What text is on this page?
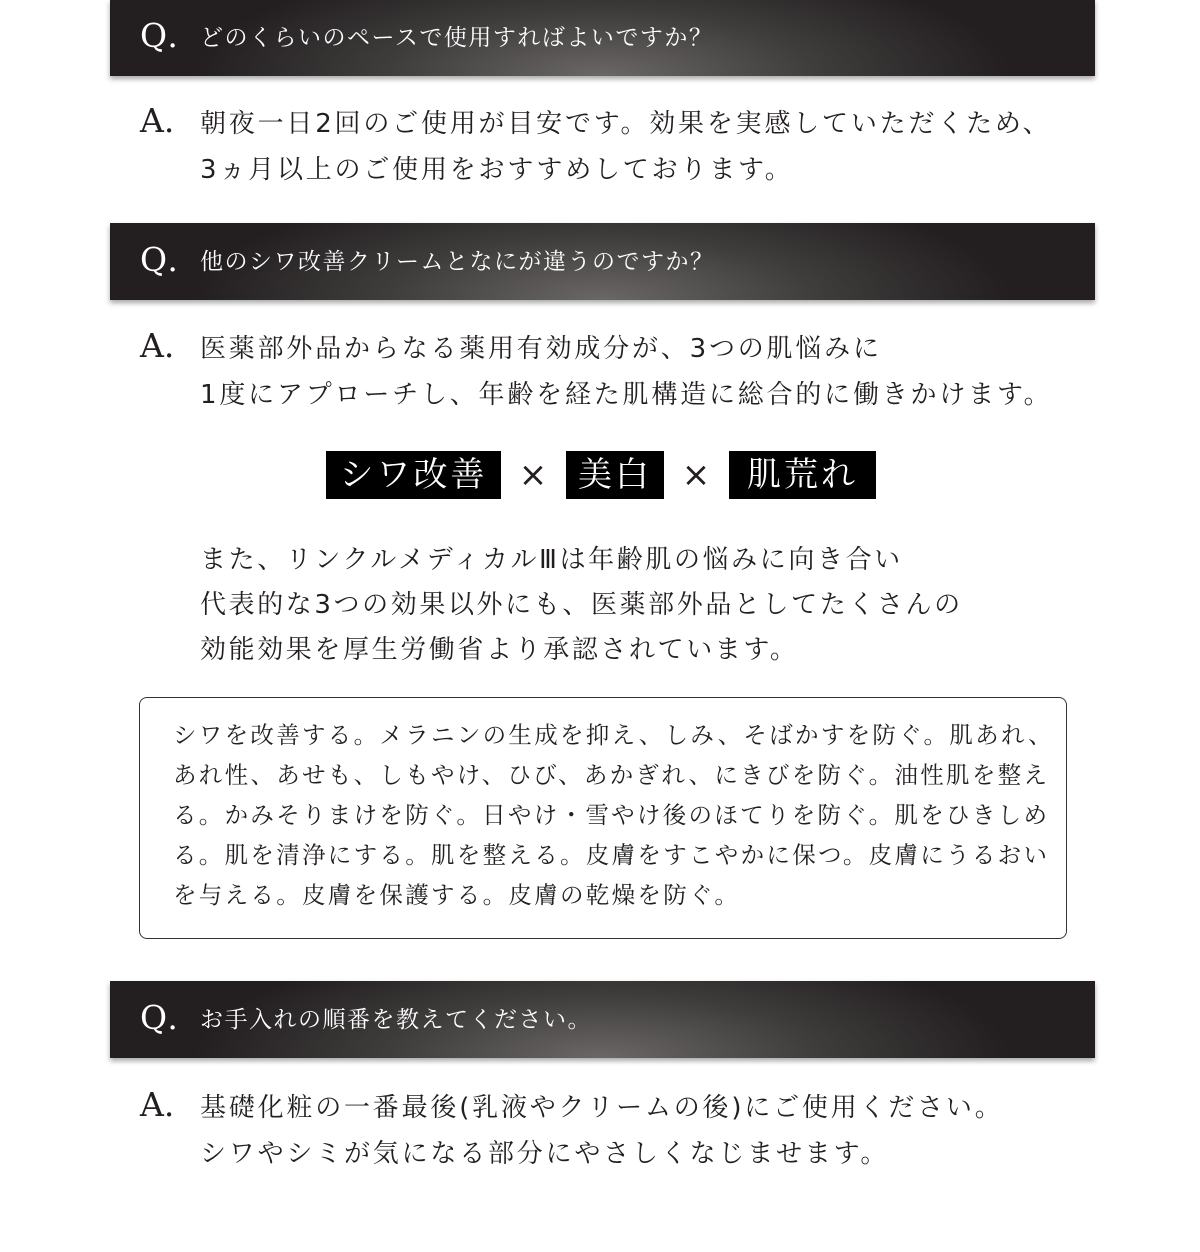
Q. どのくらいのペースで使用すればよいですか？
A. 朝夜一日2回のご使用が目安です。効果を実感していただくため、
3ヵ月以上のご使用をおすすめしております。
Q. 他のシワ改善クリームとなにが違うのですか？
A. 医薬部外品からなる薬用有効成分が、3つの肌悩みに
1度にアプローチし、年齢を経た肌構造に総合的に働きかけます。
シワ改善 × 美白 ×	肌荒れ
また、リンクルメディカルⅢは年齢肌の悩みに向き合い
代表的な3つの効果以外にも、医薬部外品としてたくさんの
効能効果を厚生労働省より承認されています。
シワを改善する。メラニンの生成を抑え、しみ、そばかすを防ぐ。肌あれ、
あれ性、あせも、しもやけ、ひび、あかぎれ、にきびを防ぐ。油性肌を整え
る。かみそりまけを防ぐ。日やけ・雪やけ後のほてりを防ぐ。肌をひきしめ
る。肌を清浄にする。肌を整える。皮膚をすこやかに保つ。皮膚にうるおい
を与える。皮膚を保護する。皮膚の乾燥を防ぐ。
Q. お手入れの順番を教えてください。
A. 基礎化粧の一番最後(乳液やクリームの後)にご使用ください。
シワやシミが気になる部分にやさしくなじませます。
